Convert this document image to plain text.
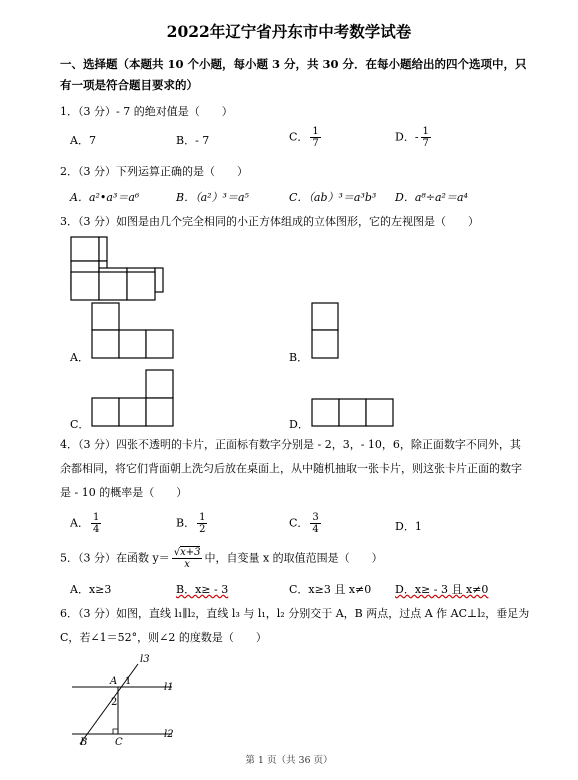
2022年辽宁省丹东市中考数学试卷
一、选择题（本题共 10 个小题，每小题 3 分，共 30 分．在每小题给出的四个选项中，只有一项是符合题目要求的）
1．（3 分）- 7 的绝对值是（　　）
A．7	B．- 7	C． $\frac{1}{7}$	D．- $\frac{1}{7}$
2．（3 分）下列运算正确的是（　　）
A．a²•a³＝a⁶	B．（a²）³＝a⁵	C．（ab）³＝a³b³ D．a⁸÷a²＝a⁴
3．（3 分）如图是由几个完全相同的小正方体组成的立体图形，它的左视图是（　　）
A．	B．
C．	D．
4．（3 分）四张不透明的卡片，正面标有数字分别是 - 2，3，- 10，6，除正面数字不同外，其余都相同，将它们背面朝上洗匀后放在桌面上，从中随机抽取一张卡片，则这张卡片正面的数字是 - 10 的概率是（　　）
A． $\frac{1}{4}$	B． $\frac{1}{2}$	C． $\frac{3}{4}$	D．1
5．（3 分）在函数 $y= \frac{√x+3}{x}$ 中，自变量 x 的取值范围是（　　）
A．x≥3	B．x≥ - 3	C．x≥3 且 x≠0 D．x≥ - 3 且 x≠0
6．（3 分）如图，直线 l₁∥l₂，直线 l₃ 与 l₁，l₂ 分别交于 A，B 两点，过点 A 作 AC⊥l₂，垂足为 C，若∠1＝52°，则∠2 的度数是（　　）
l3
l1
l2
A 1
2
B	C
第 1 页（共 36 页）
